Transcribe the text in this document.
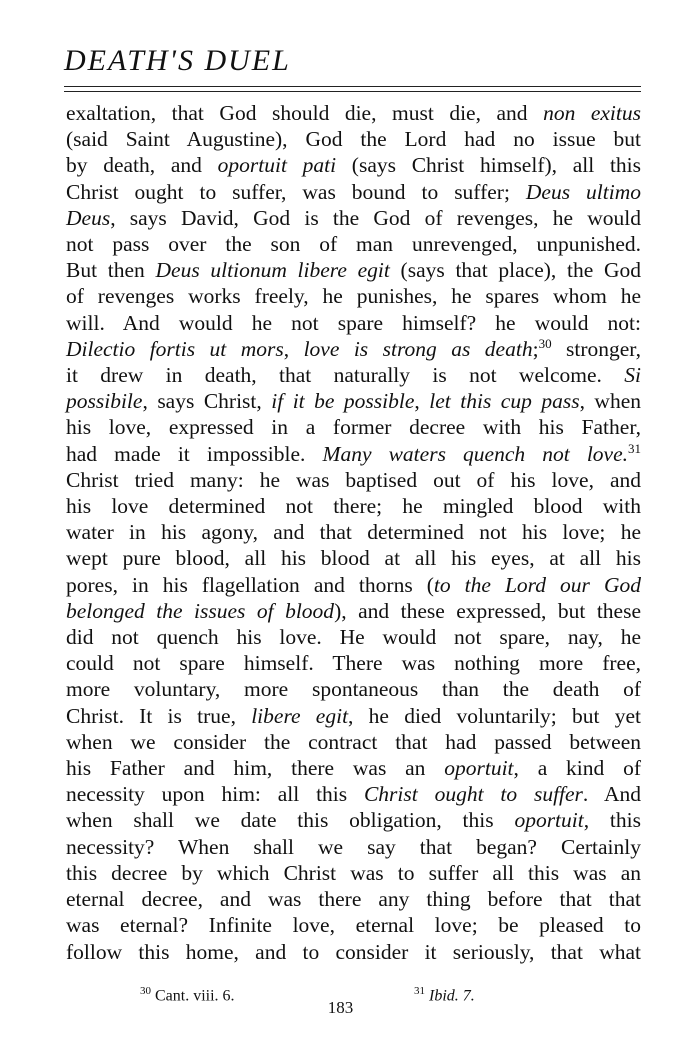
DEATH'S DUEL
exaltation, that God should die, must die, and non exitus
(said Saint Augustine), God the Lord had no issue but
by death, and oportuit pati (says Christ himself), all this
Christ ought to suffer, was bound to suffer; Deus ultimo
Deus, says David, God is the God of revenges, he would
not pass over the son of man unrevenged, unpunished.
But then Deus ultionum libere egit (says that place), the God
of revenges works freely, he punishes, he spares whom he
will. And would he not spare himself? he would not:
Dilectio fortis ut mors, love is strong as death;$^{30}$ stronger,
it drew in death, that naturally is not welcome. Si
possibile, says Christ, if it be possible, let this cup pass, when
his love, expressed in a former decree with his Father,
had made it impossible. Many waters quench not love.$^{31}$
Christ tried many: he was baptised out of his love, and
his love determined not there; he mingled blood with
water in his agony, and that determined not his love; he
wept pure blood, all his blood at all his eyes, at all his
pores, in his flagellation and thorns (to the Lord our God
belonged the issues of blood), and these expressed, but these
did not quench his love. He would not spare, nay, he
could not spare himself. There was nothing more free,
more voluntary, more spontaneous than the death of
Christ. It is true, libere egit, he died voluntarily; but yet
when we consider the contract that had passed between
his Father and him, there was an oportuit, a kind of
necessity upon him: all this Christ ought to suffer. And
when shall we date this obligation, this oportuit, this
necessity? When shall we say that began? Certainly
this decree by which Christ was to suffer all this was an
eternal decree, and was there any thing before that that
was eternal? Infinite love, eternal love; be pleased to
follow this home, and to consider it seriously, that what
$^{30}$ Cant. viii. 6.	$^{31}$ Ibid. 7.
183
